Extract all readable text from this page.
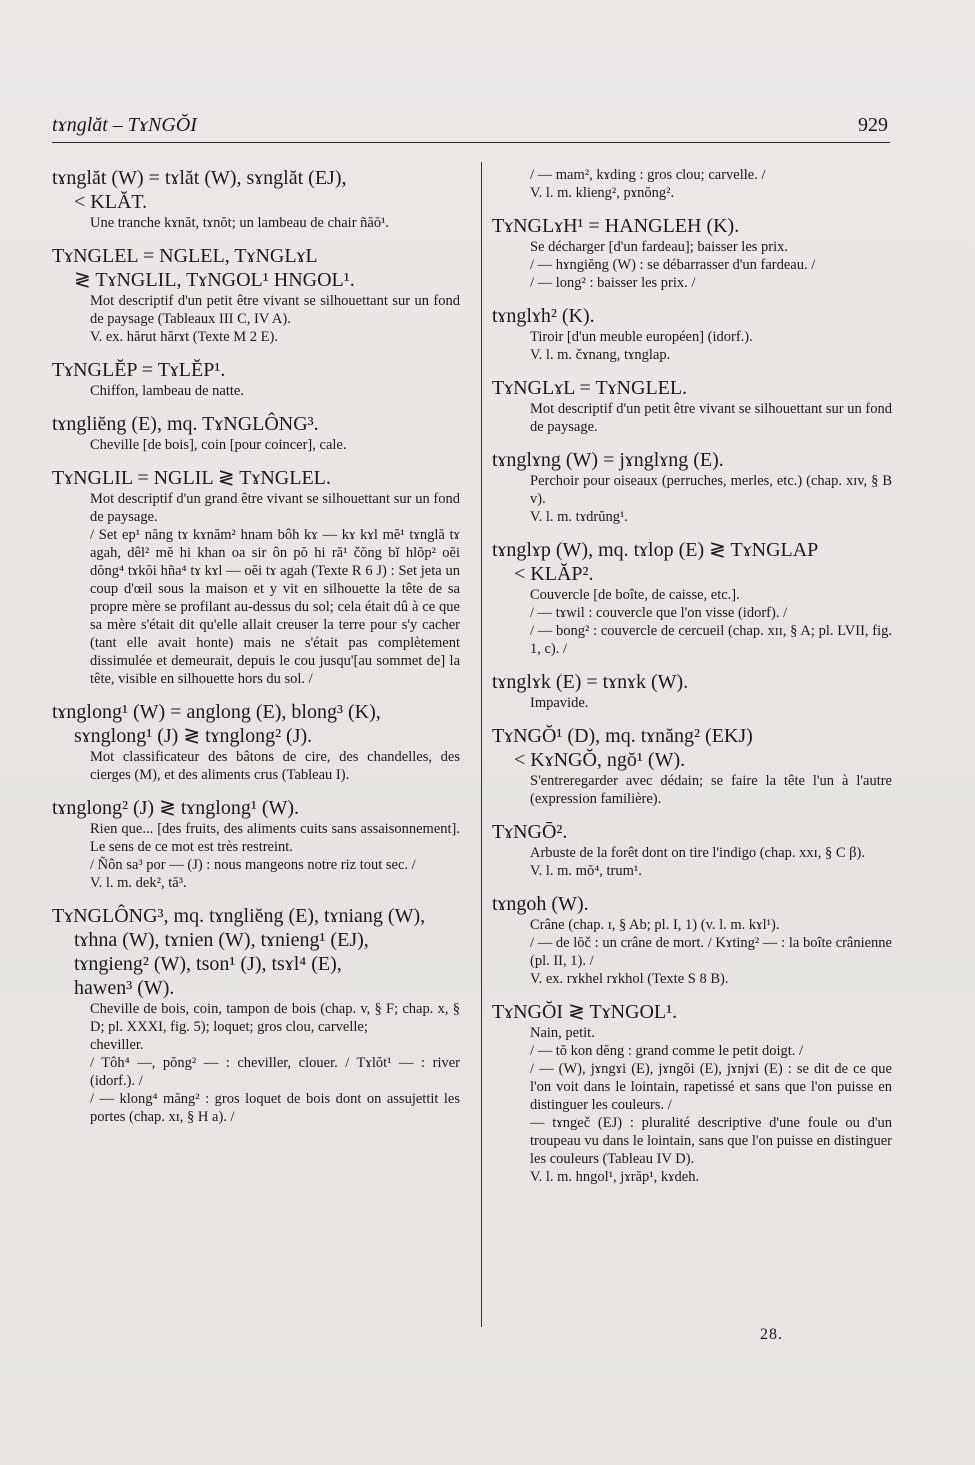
tɤnglăt – TɤNGŎI	929
tɤnglăt (W) = tɤlăt (W), sɤnglăt (EJ),
< KLĂT.

Une tranche kɤnăt, tɤnŏt; un lambeau de chair ñăŏ¹.

TɤNGLEL = NGLEL, TɤNGLɤL
≷ TɤNGLIL, TɤNGOL¹ HNGOL¹.

Mot descriptif d'un petit être vivant se silhouettant sur un fond de paysage (Tableaux III C, IV A).

V. ex. hărut hărɤt (Texte M 2 E).

TɤNGLĔP = TɤLĔP¹.

Chiffon, lambeau de natte.

tɤngliĕng (E), mq. TɤNGLÔNG³.

Cheville [de bois], coin [pour coincer], cale.

TɤNGLIL = NGLIL ≷ TɤNGLEL.

Mot descriptif d'un grand être vivant se silhouettant sur un fond de paysage.

/ Set ep¹ năng tɤ kɤnăm² hnam bôh kɤ — kɤ kɤl mĕ¹ tɤnglă tɤ agah, dêl² mĕ hi khan oa sir ôn pŏ hi ră¹ čŏng bĭ hlŏp² oĕi dŏng⁴ tɤkŏi hña⁴ tɤ kɤl — oĕi tɤ agah (Texte R 6 J) : Set jeta un coup d'œil sous la maison et y vit en silhouette la tête de sa propre mère se profilant au-dessus du sol; cela était dû à ce que sa mère s'était dit qu'elle allait creuser la terre pour s'y cacher (tant elle avait honte) mais ne s'était pas complètement dissimulée et demeurait, depuis le cou jusqu'[au sommet de] la tête, visible en silhouette hors du sol. /

tɤnglong¹ (W) = anglong (E), blong³ (K),
sɤnglong¹ (J) ≷ tɤnglong² (J).

Mot classificateur des bâtons de cire, des chandelles, des cierges (M), et des aliments crus (Tableau I).

tɤnglong² (J) ≷ tɤnglong¹ (W).

Rien que... [des fruits, des aliments cuits sans assaisonnement]. Le sens de ce mot est très restreint.

/ Ñôn sa³ por — (J) : nous mangeons notre riz tout sec. /

V. l. m. dek², tă³.

TɤNGLÔNG³, mq. tɤngliĕng (E), tɤniang (W),
tɤhna (W), tɤnien (W), tɤnieng¹ (EJ),
tɤngieng² (W), tson¹ (J), tsɤl⁴ (E),
hawen³ (W).

Cheville de bois, coin, tampon de bois (chap. v, § F; chap. x, § D; pl. XXXI, fig. 5); loquet; gros clou, carvelle;

cheviller.

/ Tôh⁴ —, pŏng² — : cheviller, clouer. / Tɤlŏt¹ — : river (idorf.). /

/ — klong⁴ măng² : gros loquet de bois dont on assujettit les portes (chap. xɪ, § H a). /

/ — mam², kɤding : gros clou; carvelle. /

V. l. m. klieng², pɤnŏng².

TɤNGLɤH¹ = HANGLEH (K).

Se décharger [d'un fardeau]; baisser les prix.

/ — hɤngiĕng (W) : se débarrasser d'un fardeau. /

/ — long² : baisser les prix. /

tɤnglɤh² (K).

Tiroir [d'un meuble européen] (idorf.).

V. l. m. čɤnang, tɤnglap.

TɤNGLɤL = TɤNGLEL.

Mot descriptif d'un petit être vivant se silhouettant sur un fond de paysage.

tɤnglɤng (W) = jɤnglɤng (E).

Perchoir pour oiseaux (perruches, merles, etc.) (chap. xɪv, § B v).

V. l. m. tɤdrŭng¹.

tɤnglɤp (W), mq. tɤlop (E) ≷ TɤNGLAP
< KLĂP².

Couvercle [de boîte, de caisse, etc.].

/ — tɤwil : couvercle que l'on visse (idorf). /

/ — bong² : couvercle de cercueil (chap. xɪɪ, § A; pl. LVII, fig. 1, c). /

tɤnglɤk (E) = tɤnɤk (W).

Impavide.

TɤNGŎ¹ (D), mq. tɤnăng² (EKJ)
< KɤNGŎ, ngŏ¹ (W).

S'entreregarder avec dédain; se faire la tête l'un à l'autre (expression familière).

TɤNGŌ².

Arbuste de la forêt dont on tire l'indigo (chap. xxɪ, § C β).

V. l. m. mŏ⁴, trum¹.

tɤngoh (W).

Crâne (chap. ɪ, § Ab; pl. I, 1) (v. l. m. kɤl¹).

/ — de lŏč : un crâne de mort. / Kɤting² — : la boîte crânienne (pl. II, 1). /

V. ex. rɤkhel rɤkhol (Texte S 8 B).

TɤNGŎI ≷ TɤNGOL¹.

Nain, petit.

/ — tŏ kon dĕng : grand comme le petit doigt. /

/ — (W), jɤngɤi (E), jɤngŏi (E), jɤnjɤi (E) : se dit de ce que l'on voit dans le lointain, rapetissé et sans que l'on puisse en distinguer les couleurs. /

— tɤngeč (EJ) : pluralité descriptive d'une foule ou d'un troupeau vu dans le lointain, sans que l'on puisse en distinguer les couleurs (Tableau IV D).

V. l. m. hngol¹, jɤrăp¹, kɤdeh.

28.
